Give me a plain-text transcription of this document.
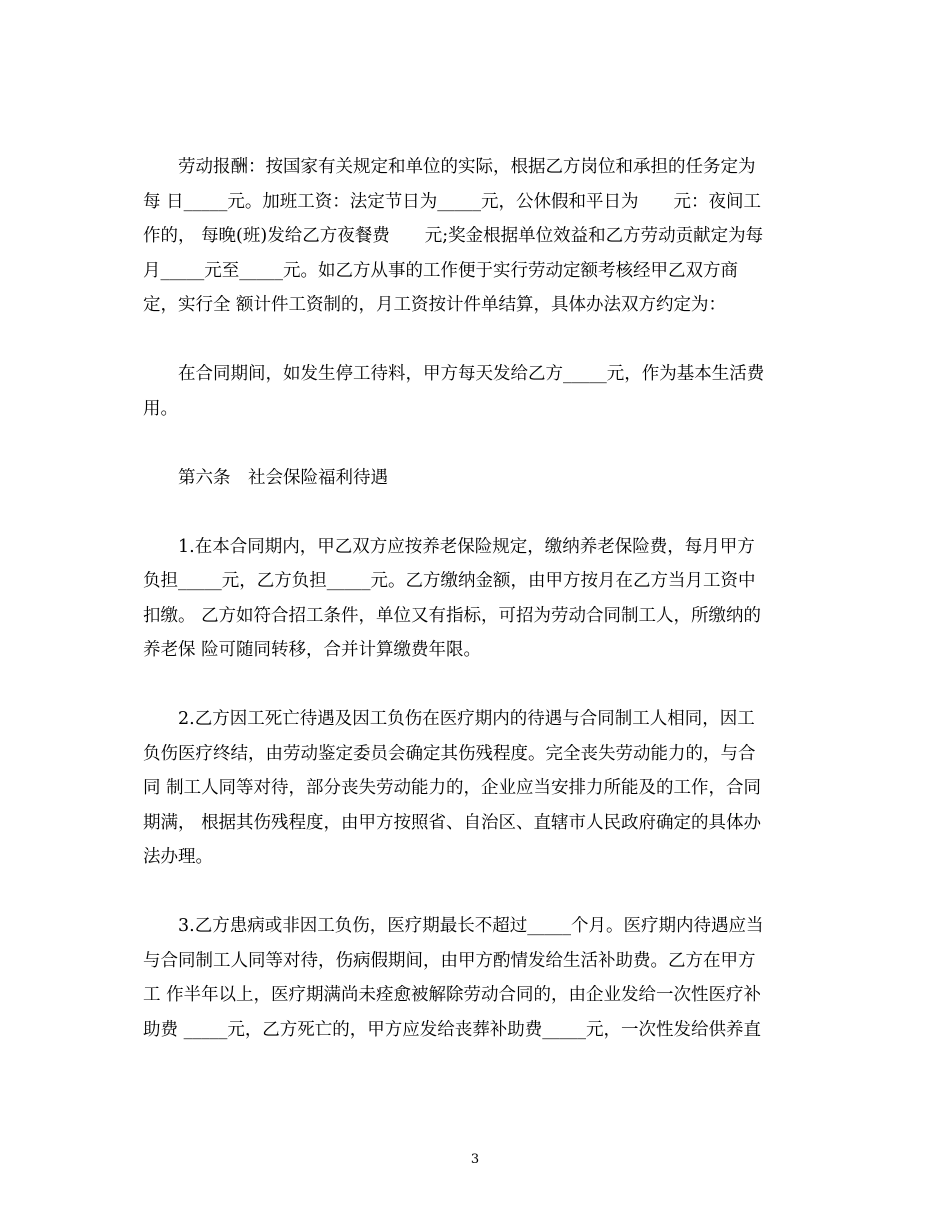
　　劳动报酬：按国家有关规定和单位的实际，根据乙方岗位和承担的任务定为
每 日_____元。加班工资：法定节日为_____元，公休假和平日为　　元：夜间工
作的， 每晚(班)发给乙方夜餐费　　元;奖金根据单位效益和乙方劳动贡献定为每
月_____元至_____元。如乙方从事的工作便于实行劳动定额考核经甲乙双方商
定，实行全 额计件工资制的，月工资按计件单结算，具体办法双方约定为：
　　在合同期间，如发生停工待料，甲方每天发给乙方_____元，作为基本生活费
用。
　　第六条　社会保险福利待遇
　　1.在本合同期内，甲乙双方应按养老保险规定，缴纳养老保险费，每月甲方
负担_____元，乙方负担_____元。乙方缴纳金额，由甲方按月在乙方当月工资中
扣缴。 乙方如符合招工条件，单位又有指标，可招为劳动合同制工人，所缴纳的
养老保 险可随同转移，合并计算缴费年限。
　　2.乙方因工死亡待遇及因工负伤在医疗期内的待遇与合同制工人相同，因工
负伤医疗终结，由劳动鉴定委员会确定其伤残程度。完全丧失劳动能力的，与合
同 制工人同等对待，部分丧失劳动能力的，企业应当安排力所能及的工作，合同
期满， 根据其伤残程度，由甲方按照省、自治区、直辖市人民政府确定的具体办
法办理。
　　3.乙方患病或非因工负伤，医疗期最长不超过_____个月。医疗期内待遇应当
与合同制工人同等对待，伤病假期间，由甲方酌情发给生活补助费。乙方在甲方
工 作半年以上，医疗期满尚未痊愈被解除劳动合同的，由企业发给一次性医疗补
助费 _____元，乙方死亡的，甲方应发给丧葬补助费_____元，一次性发给供养直
3
